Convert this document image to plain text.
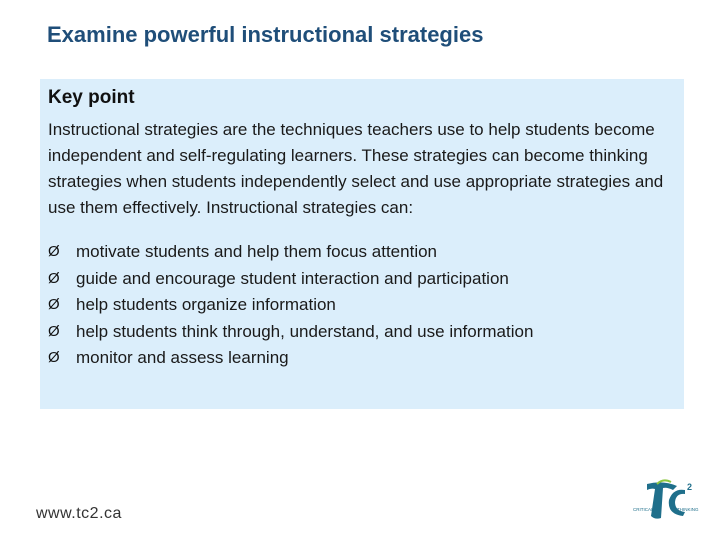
Examine powerful instructional strategies

Key point

Instructional strategies are the techniques teachers use to help students become independent and self-regulating learners. These strategies can become thinking strategies when students independently select and use appropriate strategies and use them effectively. Instructional strategies can:

Ø motivate students and help them focus attention
Ø guide and encourage student interaction and participation
Ø help students organize information
Ø help students think through, understand, and use information
Ø monitor and assess learning
www.tc2.ca
2
CRITICAL	THINKING
